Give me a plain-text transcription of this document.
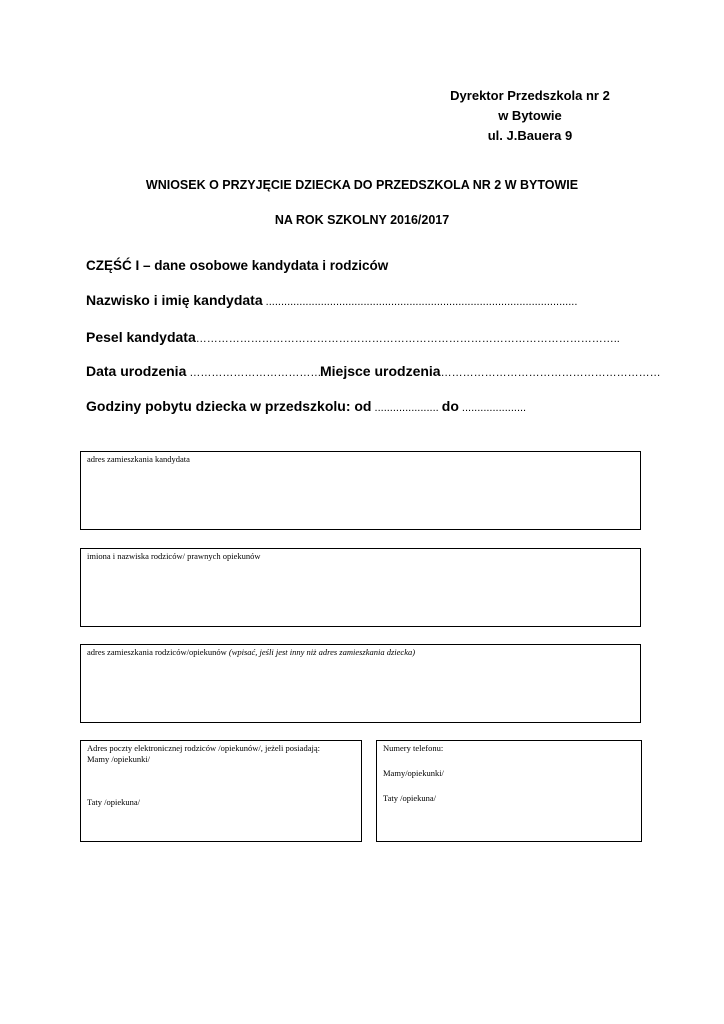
Dyrektor Przedszkola nr 2
w Bytowie
ul. J.Bauera 9
WNIOSEK O PRZYJĘCIE DZIECKA DO PRZEDSZKOLA NR 2 W BYTOWIE
NA ROK SZKOLNY 2016/2017
CZĘŚĆ I – dane osobowe kandydata i rodziców
Nazwisko i imię kandydata ......................................................................................................
Pesel kandydata……………………………………………………………………………………………………..
Data urodzenia ………………………………
Miejsce urodzenia……………………………………………………
Godziny pobytu dziecka w przedszkolu: od ..................... do .....................
adres zamieszkania kandydata
imiona i nazwiska rodziców/ prawnych opiekunów
adres zamieszkania rodziców/opiekunów (wpisać, jeśli jest inny niż adres zamieszkania dziecka)
Adres poczty elektronicznej rodziców /opiekunów/, jeżeli posiadają:
Mamy /opiekunki/
Taty /opiekuna/
Numery telefonu:
Mamy/opiekunki/
Taty /opiekuna/
